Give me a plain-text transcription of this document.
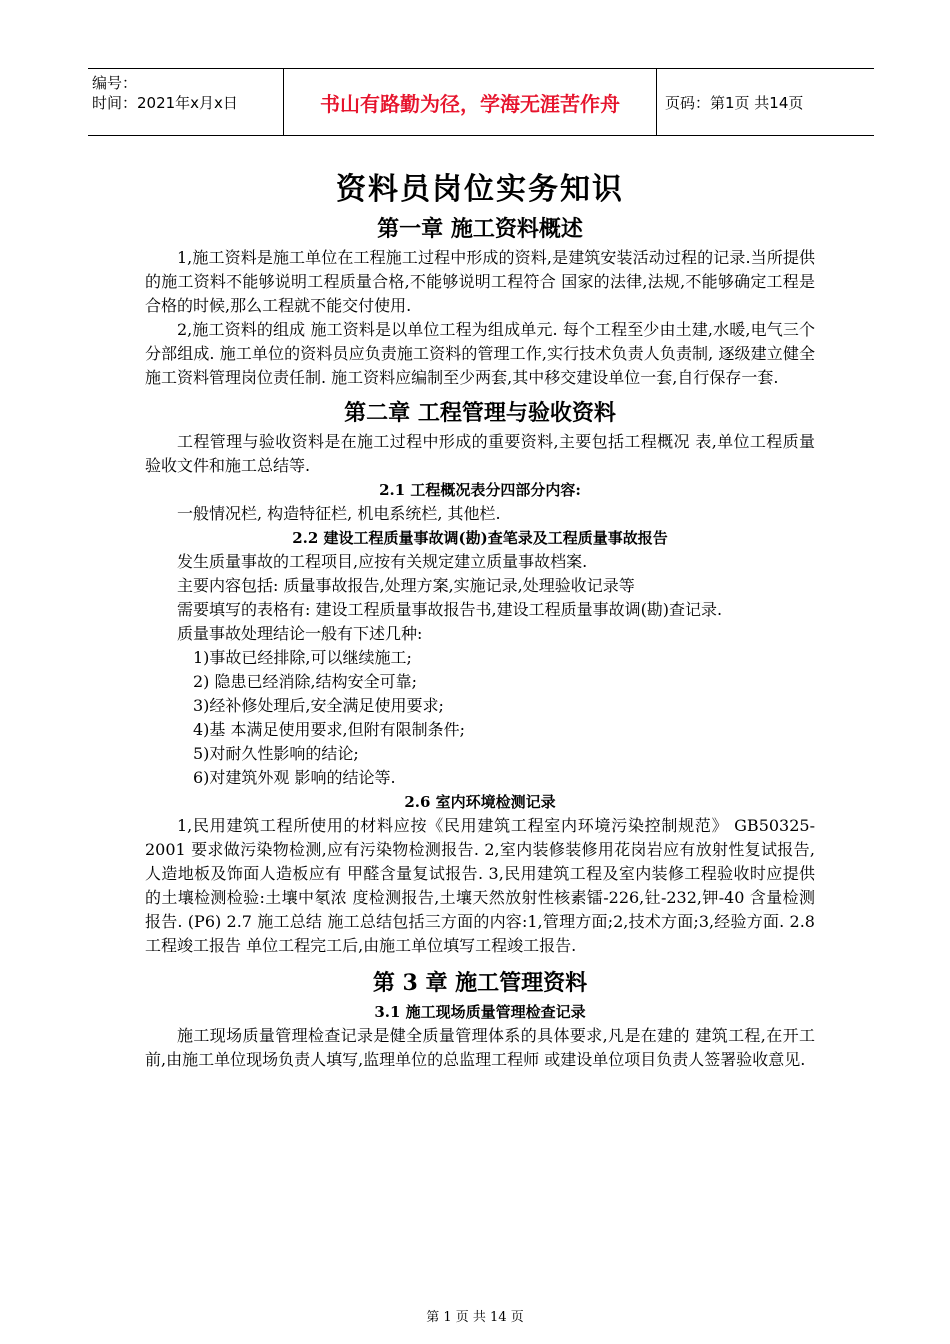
编号：
时间：2021年x月x日	书山有路勤为径，学海无涯苦作舟	页码：第1页 共14页
资料员岗位实务知识
第一章 施工资料概述

1,施工资料是施工单位在工程施工过程中形成的资料,是建筑安装活动过程的记录.当所提供的施工资料不能够说明工程质量合格,不能够说明工程符合 国家的法律,法规,不能够确定工程是合格的时候,那么工程就不能交付使用.

2,施工资料的组成 施工资料是以单位工程为组成单元. 每个工程至少由土建,水暖,电气三个分部组成. 施工单位的资料员应负责施工资料的管理工作,实行技术负责人负责制, 逐级建立健全施工资料管理岗位责任制. 施工资料应编制至少两套,其中移交建设单位一套,自行保存一套.

第二章 工程管理与验收资料

工程管理与验收资料是在施工过程中形成的重要资料,主要包括工程概况 表,单位工程质量验收文件和施工总结等.

2.1 工程概况表分四部分内容:

一般情况栏, 构造特征栏, 机电系统栏, 其他栏.

2.2 建设工程质量事故调(勘)查笔录及工程质量事故报告

发生质量事故的工程项目,应按有关规定建立质量事故档案.

主要内容包括: 质量事故报告,处理方案,实施记录,处理验收记录等

需要填写的表格有: 建设工程质量事故报告书,建设工程质量事故调(勘)查记录.

质量事故处理结论一般有下述几种:

1)事故已经排除,可以继续施工;

2) 隐患已经消除,结构安全可靠;

3)经补修处理后,安全满足使用要求;

4)基 本满足使用要求,但附有限制条件;

5)对耐久性影响的结论;

6)对建筑外观 影响的结论等.

2.6 室内环境检测记录

1,民用建筑工程所使用的材料应按《民用建筑工程室内环境污染控制规范》 GB50325-2001 要求做污染物检测,应有污染物检测报告. 2,室内装修装修用花岗岩应有放射性复试报告,人造地板及饰面人造板应有 甲醛含量复试报告. 3,民用建筑工程及室内装修工程验收时应提供的土壤检测检验:土壤中氡浓 度检测报告,土壤天然放射性核素镭-226,钍-232,钾-40 含量检测报告. (P6) 2.7 施工总结 施工总结包括三方面的内容:1,管理方面;2,技术方面;3,经验方面. 2.8 工程竣工报告 单位工程完工后,由施工单位填写工程竣工报告.

第 3 章 施工管理资料
3.1 施工现场质量管理检查记录

施工现场质量管理检查记录是健全质量管理体系的具体要求,凡是在建的 建筑工程,在开工前,由施工单位现场负责人填写,监理单位的总监理工程师 或建设单位项目负责人签署验收意见.

第 1 页 共 14 页
